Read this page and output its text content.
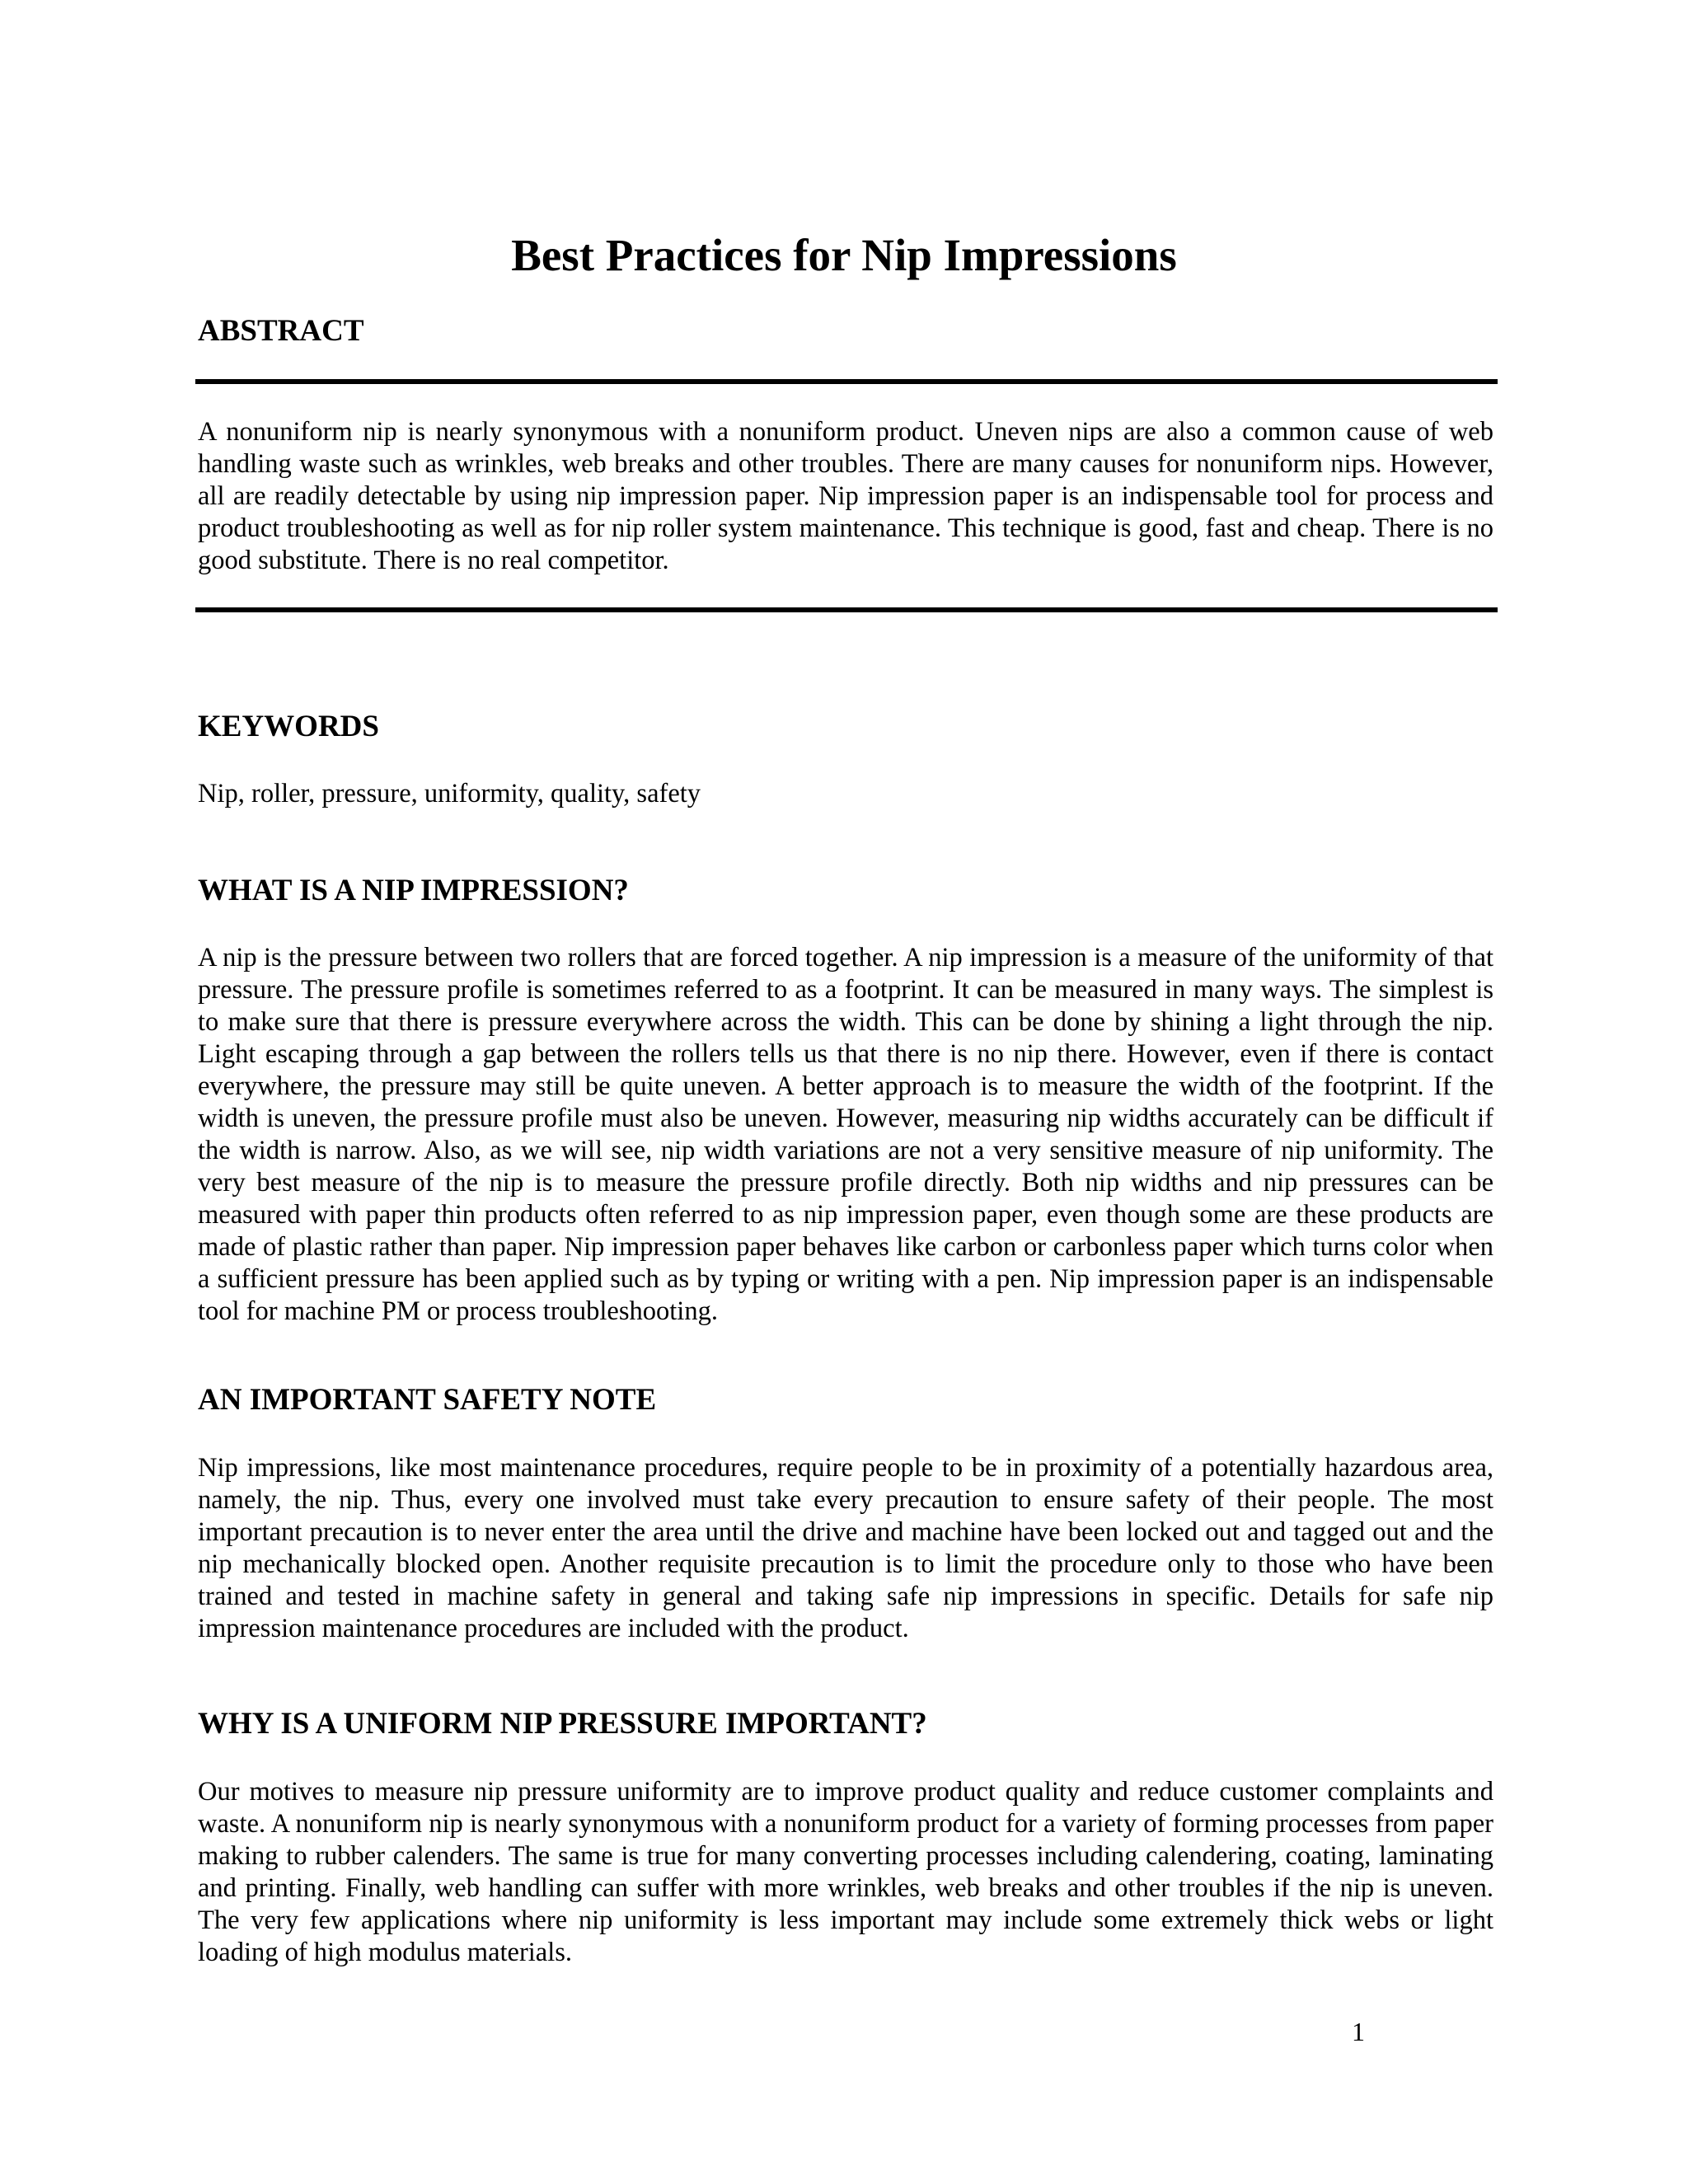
Best Practices for Nip Impressions
ABSTRACT

A nonuniform nip is nearly synonymous with a nonuniform product. Uneven nips are also a common cause of web handling waste such as wrinkles, web breaks and other troubles. There are many causes for nonuniform nips. However, all are readily detectable by using nip impression paper. Nip impression paper is an indispensable tool for process and product troubleshooting as well as for nip roller system maintenance. This technique is good, fast and cheap. There is no good substitute. There is no real competitor.

KEYWORDS

Nip, roller, pressure, uniformity, quality, safety

WHAT IS A NIP IMPRESSION?

A nip is the pressure between two rollers that are forced together. A nip impression is a measure of the uniformity of that pressure. The pressure profile is sometimes referred to as a footprint. It can be measured in many ways. The simplest is to make sure that there is pressure everywhere across the width. This can be done by shining a light through the nip. Light escaping through a gap between the rollers tells us that there is no nip there. However, even if there is contact everywhere, the pressure may still be quite uneven. A better approach is to measure the width of the footprint. If the width is uneven, the pressure profile must also be uneven. However, measuring nip widths accurately can be difficult if the width is narrow. Also, as we will see, nip width variations are not a very sensitive measure of nip uniformity. The very best measure of the nip is to measure the pressure profile directly. Both nip widths and nip pressures can be measured with paper thin products often referred to as nip impression paper, even though some are these products are made of plastic rather than paper. Nip impression paper behaves like carbon or carbonless paper which turns color when a sufficient pressure has been applied such as by typing or writing with a pen. Nip impression paper is an indispensable tool for machine PM or process troubleshooting.

AN IMPORTANT SAFETY NOTE

Nip impressions, like most maintenance procedures, require people to be in proximity of a potentially hazardous area, namely, the nip. Thus, every one involved must take every precaution to ensure safety of their people. The most important precaution is to never enter the area until the drive and machine have been locked out and tagged out and the nip mechanically blocked open. Another requisite precaution is to limit the procedure only to those who have been trained and tested in machine safety in general and taking safe nip impressions in specific. Details for safe nip impression maintenance procedures are included with the product.

WHY IS A UNIFORM NIP PRESSURE IMPORTANT?

Our motives to measure nip pressure uniformity are to improve product quality and reduce customer complaints and waste. A nonuniform nip is nearly synonymous with a nonuniform product for a variety of forming processes from paper making to rubber calenders. The same is true for many converting processes including calendering, coating, laminating and printing. Finally, web handling can suffer with more wrinkles, web breaks and other troubles if the nip is uneven. The very few applications where nip uniformity is less important may include some extremely thick webs or light loading of high modulus materials.

1
